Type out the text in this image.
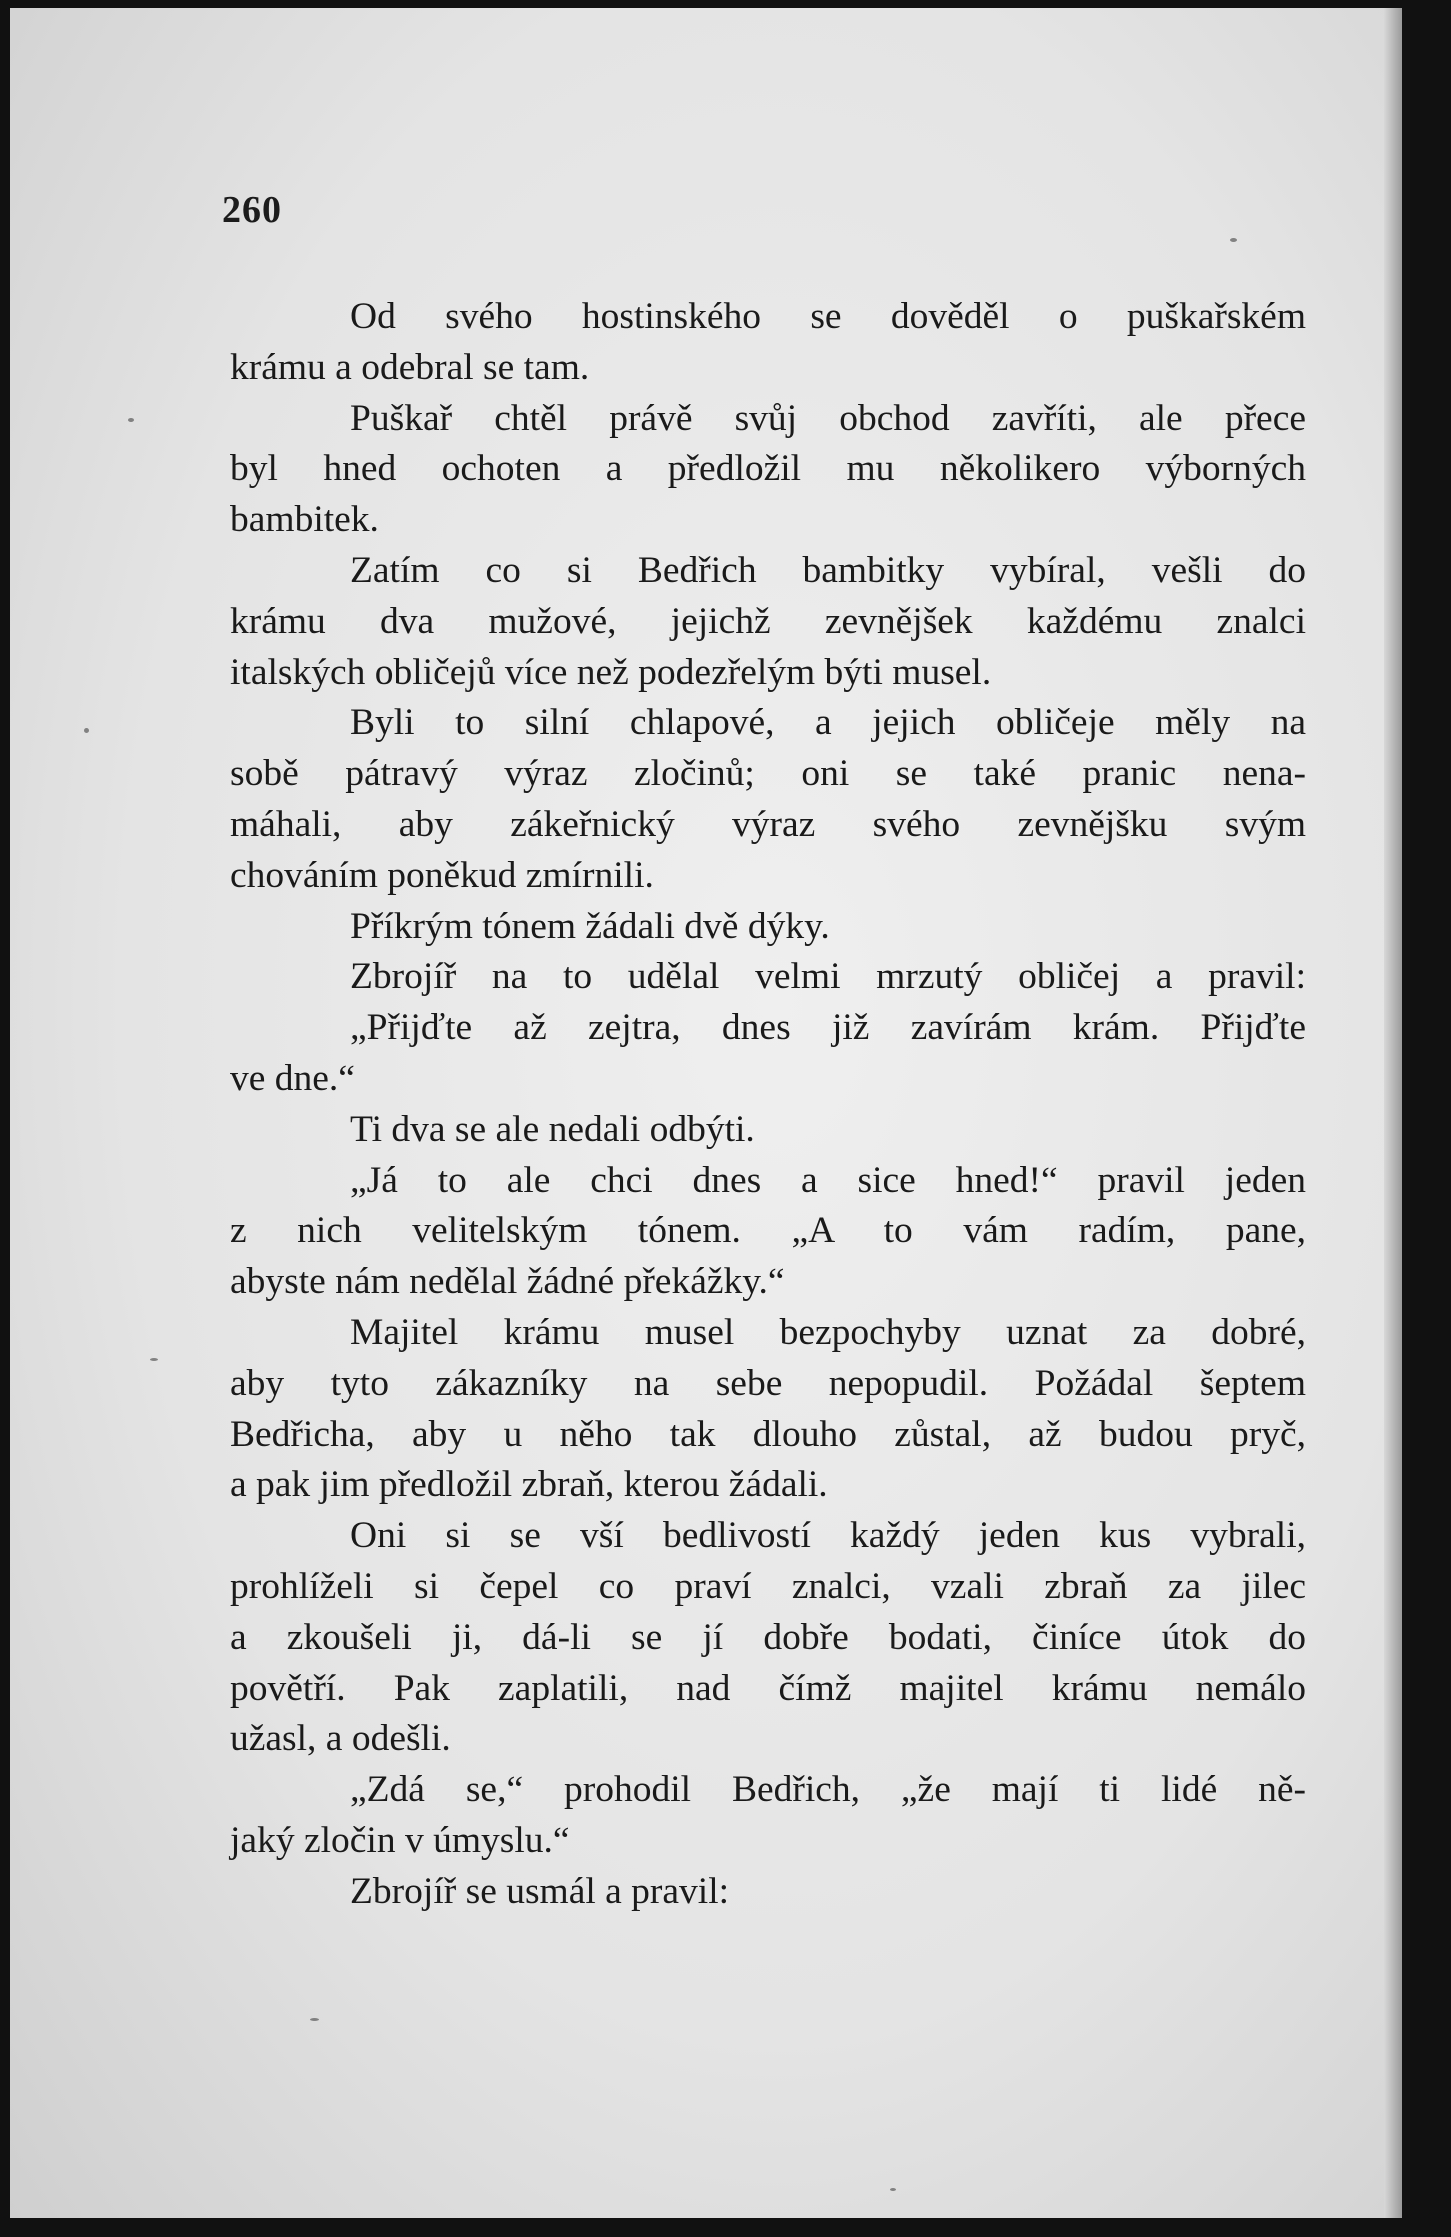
260
Od svého hostinského se dověděl o puškařském
krámu a odebral se tam.
Puškař chtěl právě svůj obchod zavříti, ale přece
byl hned ochoten a předložil mu několikero výborných
bambitek.
Zatím co si Bedřich bambitky vybíral, vešli do
krámu dva mužové, jejichž zevnějšek každému znalci
italských obličejů více než podezřelým býti musel.
Byli to silní chlapové, a jejich obličeje měly na
sobě pátravý výraz zločinů; oni se také pranic nena-
máhali, aby zákeřnický výraz svého zevnějšku svým
chováním poněkud zmírnili.
Příkrým tónem žádali dvě dýky.
Zbrojíř na to udělal velmi mrzutý obličej a pravil:
„Přijďte až zejtra, dnes již zavírám krám. Přijďte
ve dne.“
Ti dva se ale nedali odbýti.
„Já to ale chci dnes a sice hned!“ pravil jeden
z nich velitelským tónem. „A to vám radím, pane,
abyste nám nedělal žádné překážky.“
Majitel krámu musel bezpochyby uznat za dobré,
aby tyto zákazníky na sebe nepopudil. Požádal šeptem
Bedřicha, aby u něho tak dlouho zůstal, až budou pryč,
a pak jim předložil zbraň, kterou žádali.
Oni si se vší bedlivostí každý jeden kus vybrali,
prohlíželi si čepel co praví znalci, vzali zbraň za jilec
a zkoušeli ji, dá-li se jí dobře bodati, činíce útok do
povětří. Pak zaplatili, nad čímž majitel krámu nemálo
užasl, a odešli.
„Zdá se,“ prohodil Bedřich, „že mají ti lidé ně-
jaký zločin v úmyslu.“
Zbrojíř se usmál a pravil:
